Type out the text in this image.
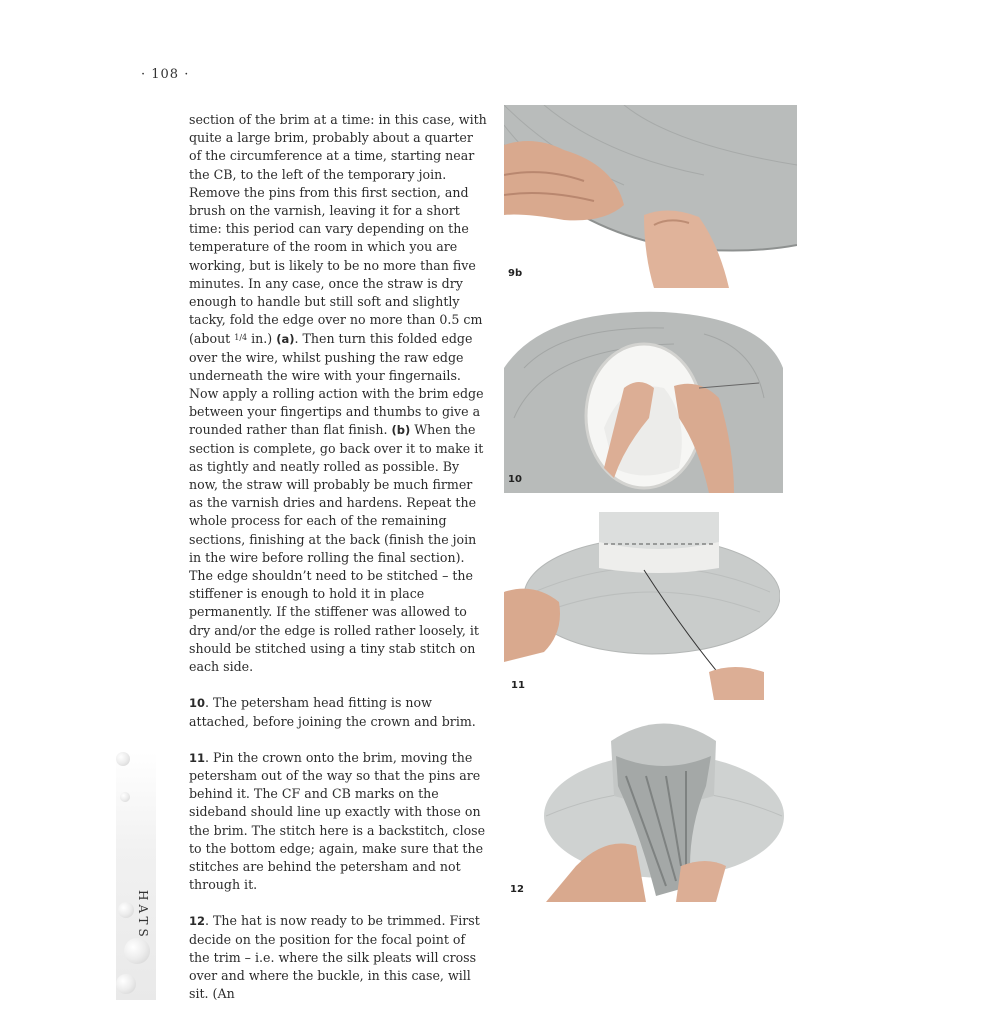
· 108 ·

section of the brim at a time: in this case, with quite a large brim, probably about a quarter of the circumference at a time, starting near the CB, to the left of the temporary join. Remove the pins from this first section, and brush on the varnish, leaving it for a short time: this period can vary depending on the temperature of the room in which you are working, but is likely to be no more than five minutes. In any case, once the straw is dry enough to handle but still soft and slightly tacky, fold the edge over no more than 0.5 cm (about $^{1/4}$ in.) (a). Then turn this folded edge over the wire, whilst pushing the raw edge underneath the wire with your fingernails. Now apply a rolling action with the brim edge between your fingertips and thumbs to give a rounded rather than flat finish. (b) When the section is complete, go back over it to make it as tightly and neatly rolled as possible. By now, the straw will probably be much firmer as the varnish dries and hardens. Repeat the whole process for each of the remaining sections, finishing at the back (finish the join in the wire before rolling the final section). The edge shouldn’t need to be stitched – the stiffener is enough to hold it in place permanently. If the stiffener was allowed to dry and/or the edge is rolled rather loosely, it should be stitched using a tiny stab stitch on each side.

10. The petersham head fitting is now attached, before joining the crown and brim.

11. Pin the crown onto the brim, moving the petersham out of the way so that the pins are behind it. The CF and CB marks on the sideband should line up exactly with those on the brim. The stitch here is a backstitch, close to the bottom edge; again, make sure that the stitches are behind the petersham and not through it.

12. The hat is now ready to be trimmed. First decide on the position for the focal point of the trim – i.e. where the silk pleats will cross over and where the buckle, in this case, will sit. (An

HATS
9b
10
11
12
